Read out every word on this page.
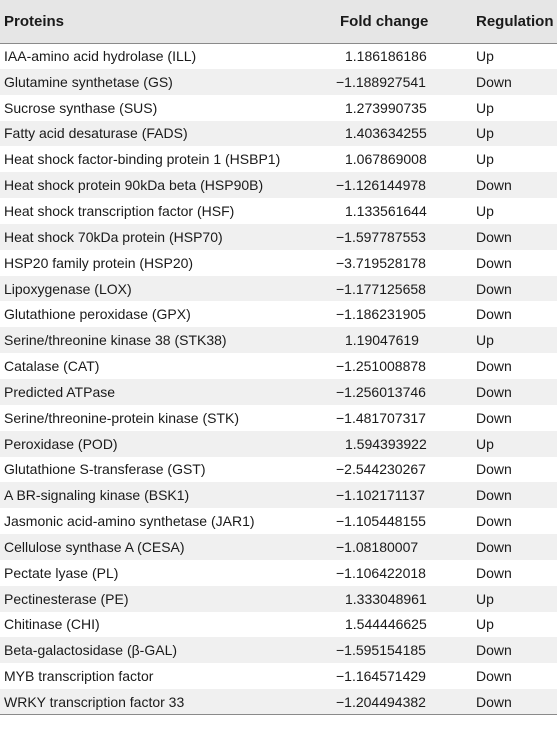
Proteins	Fold change	Regulation
IAA-amino acid hydrolase (ILL)	1.186186186	Up
Glutamine synthetase (GS)	−1.188927541	Down
Sucrose synthase (SUS)	1.273990735	Up
Fatty acid desaturase (FADS)	1.403634255	Up
Heat shock factor-binding protein 1 (HSBP1)	1.067869008	Up
Heat shock protein 90kDa beta (HSP90B)	−1.126144978	Down
Heat shock transcription factor (HSF)	1.133561644	Up
Heat shock 70kDa protein (HSP70)	−1.597787553	Down
HSP20 family protein (HSP20)	−3.719528178	Down
Lipoxygenase (LOX)	−1.177125658	Down
Glutathione peroxidase (GPX)	−1.186231905	Down
Serine/threonine kinase 38 (STK38)	1.19047619	Up
Catalase (CAT)	−1.251008878	Down
Predicted ATPase	−1.256013746	Down
Serine/threonine-protein kinase (STK)	−1.481707317	Down
Peroxidase (POD)	1.594393922	Up
Glutathione S-transferase (GST)	−2.544230267	Down
A BR-signaling kinase (BSK1)	−1.102171137	Down
Jasmonic acid-amino synthetase (JAR1)	−1.105448155	Down
Cellulose synthase A (CESA)	−1.08180007	Down
Pectate lyase (PL)	−1.106422018	Down
Pectinesterase (PE)	1.333048961	Up
Chitinase (CHI)	1.544446625	Up
Beta-galactosidase (β-GAL)	−1.595154185	Down
MYB transcription factor	−1.164571429	Down
WRKY transcription factor 33	−1.204494382	Down
